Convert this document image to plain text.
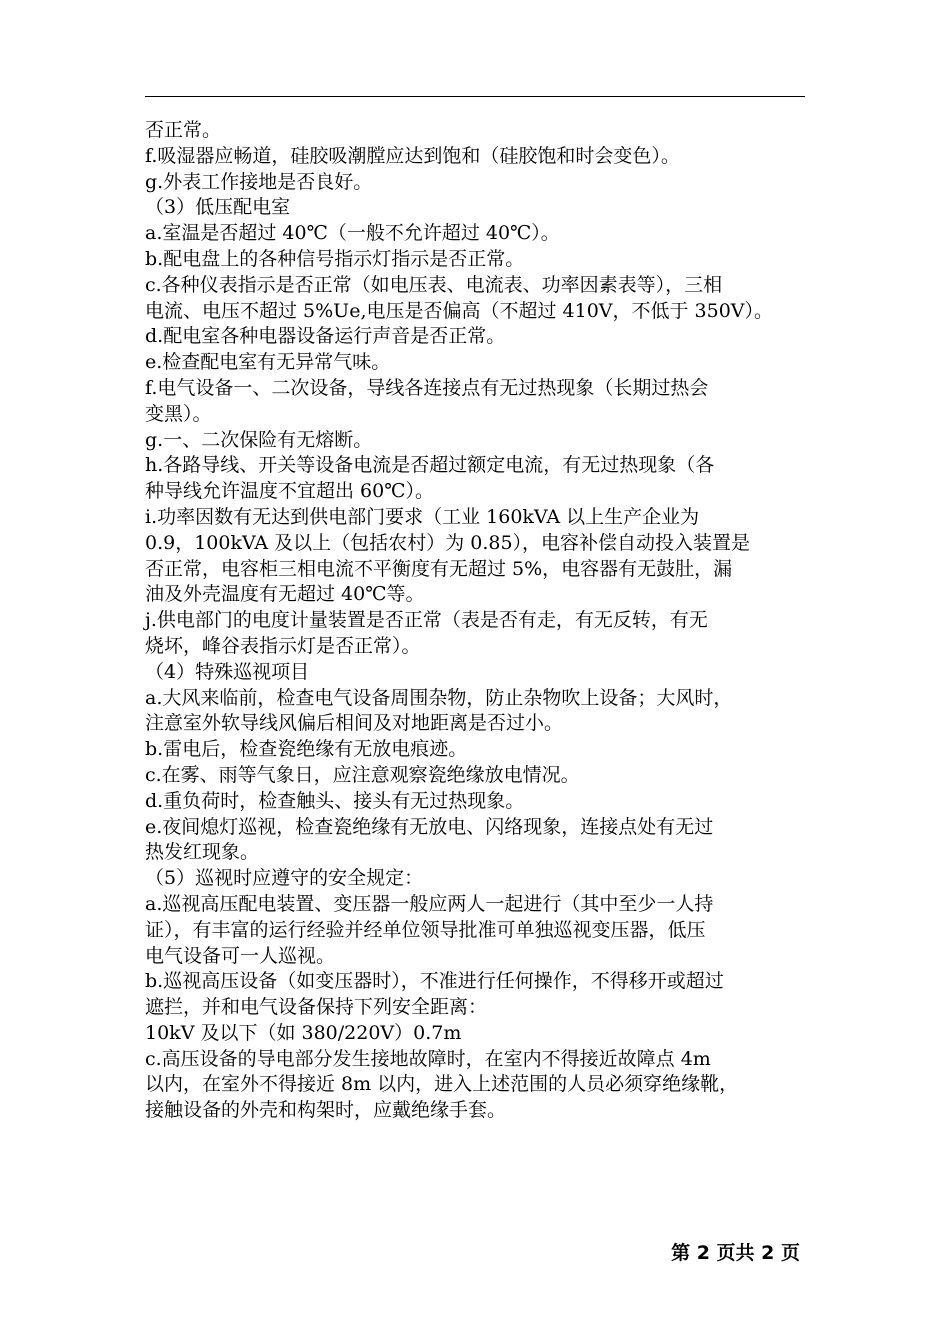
否正常。
f.吸湿器应畅道，硅胶吸潮膛应达到饱和（硅胶饱和时会变色）。
g.外表工作接地是否良好。
（3）低压配电室
a.室温是否超过 40℃（一般不允许超过 40℃）。
b.配电盘上的各种信号指示灯指示是否正常。
c.各种仪表指示是否正常（如电压表、电流表、功率因素表等），三相
电流、电压不超过 5%Ue,电压是否偏高（不超过 410V，不低于 350V）。
d.配电室各种电器设备运行声音是否正常。
e.检查配电室有无异常气味。
f.电气设备一、二次设备，导线各连接点有无过热现象（长期过热会
变黑）。
g.一、二次保险有无熔断。
h.各路导线、开关等设备电流是否超过额定电流，有无过热现象（各
种导线允许温度不宜超出 60℃）。
i.功率因数有无达到供电部门要求（工业 160kVA 以上生产企业为
0.9，100kVA 及以上（包括农村）为 0.85），电容补偿自动投入装置是
否正常，电容柜三相电流不平衡度有无超过 5%，电容器有无鼓肚，漏
油及外壳温度有无超过 40℃等。
j.供电部门的电度计量装置是否正常（表是否有走，有无反转，有无
烧坏，峰谷表指示灯是否正常）。
（4）特殊巡视项目
a.大风来临前，检查电气设备周围杂物，防止杂物吹上设备；大风时，
注意室外软导线风偏后相间及对地距离是否过小。
b.雷电后，检查瓷绝缘有无放电痕迹。
c.在雾、雨等气象日，应注意观察瓷绝缘放电情况。
d.重负荷时，检查触头、接头有无过热现象。
e.夜间熄灯巡视，检查瓷绝缘有无放电、闪络现象，连接点处有无过
热发红现象。
（5）巡视时应遵守的安全规定：
a.巡视高压配电装置、变压器一般应两人一起进行（其中至少一人持
证），有丰富的运行经验并经单位领导批准可单独巡视变压器，低压
电气设备可一人巡视。
b.巡视高压设备（如变压器时），不准进行任何操作，不得移开或超过
遮拦，并和电气设备保持下列安全距离：
10kV 及以下（如 380/220V）0.7m
c.高压设备的导电部分发生接地故障时，在室内不得接近故障点 4m
以内，在室外不得接近 8m 以内，进入上述范围的人员必须穿绝缘靴，
接触设备的外壳和构架时，应戴绝缘手套。
第 2 页共 2 页
